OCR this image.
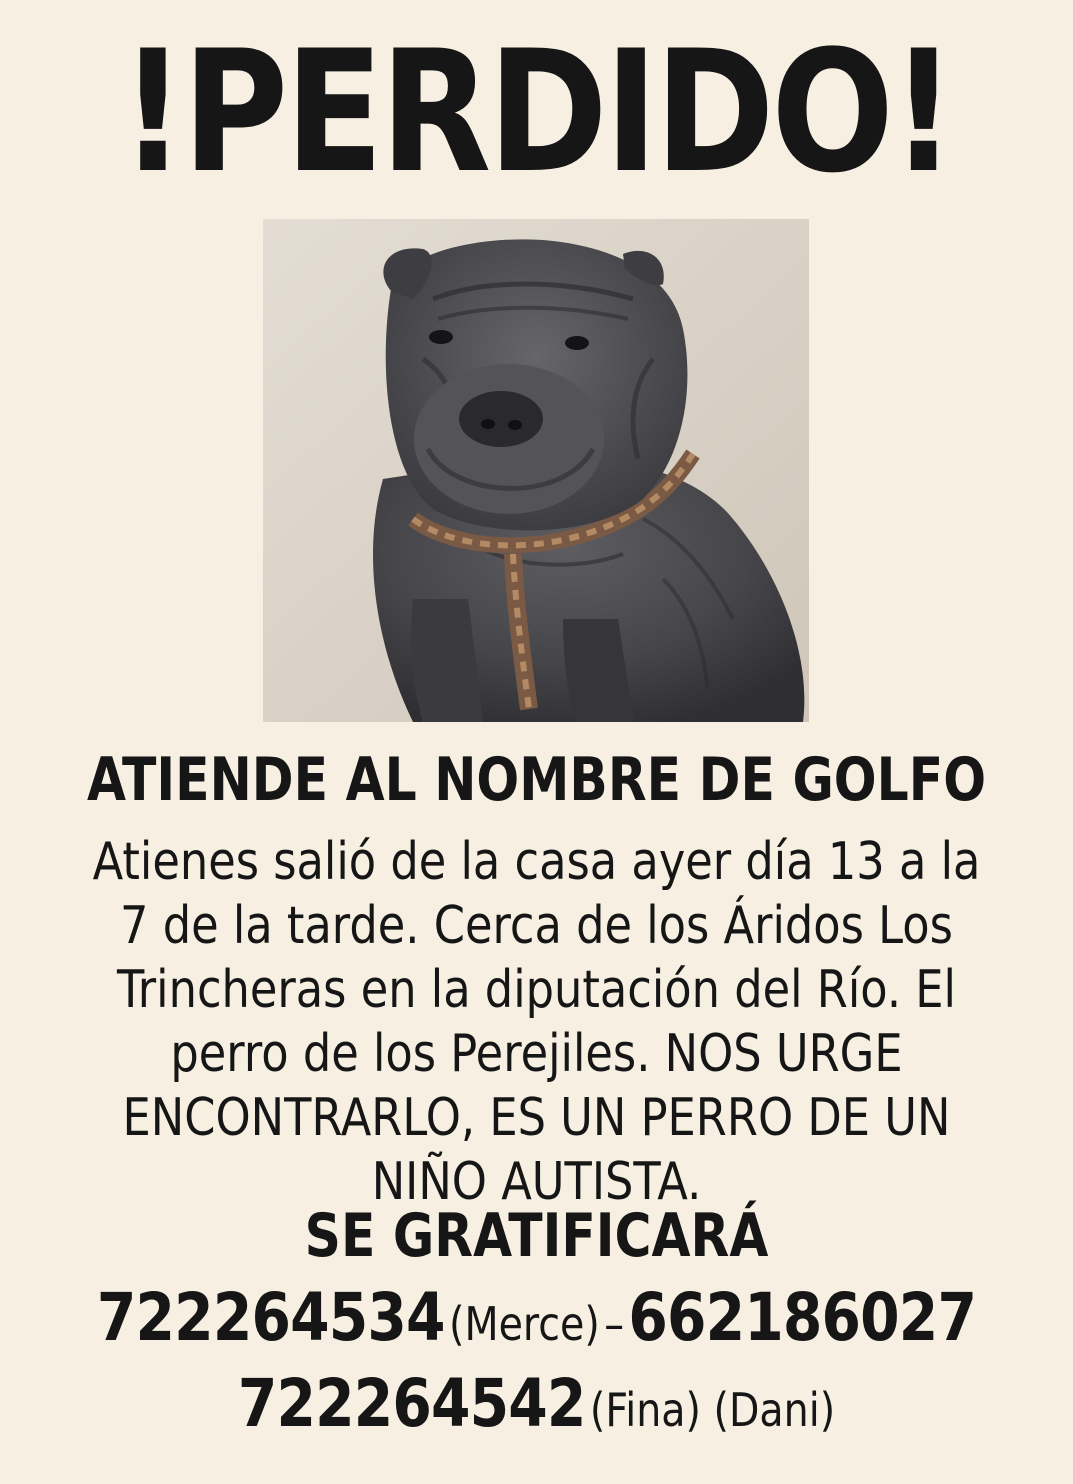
!PERDIDO!
ATIENDE AL NOMBRE DE GOLFO
Atienes salió de la casa ayer día 13 a la
7 de la tarde. Cerca de los Áridos Los
Trincheras en la diputación del Río. El
perro de los Perejiles. NOS URGE
ENCONTRARLO, ES UN PERRO DE UN
NIÑO AUTISTA.
SE GRATIFICARÁ
722264534 (Merce) – 662186027
722264542 (Fina) (Dani)
